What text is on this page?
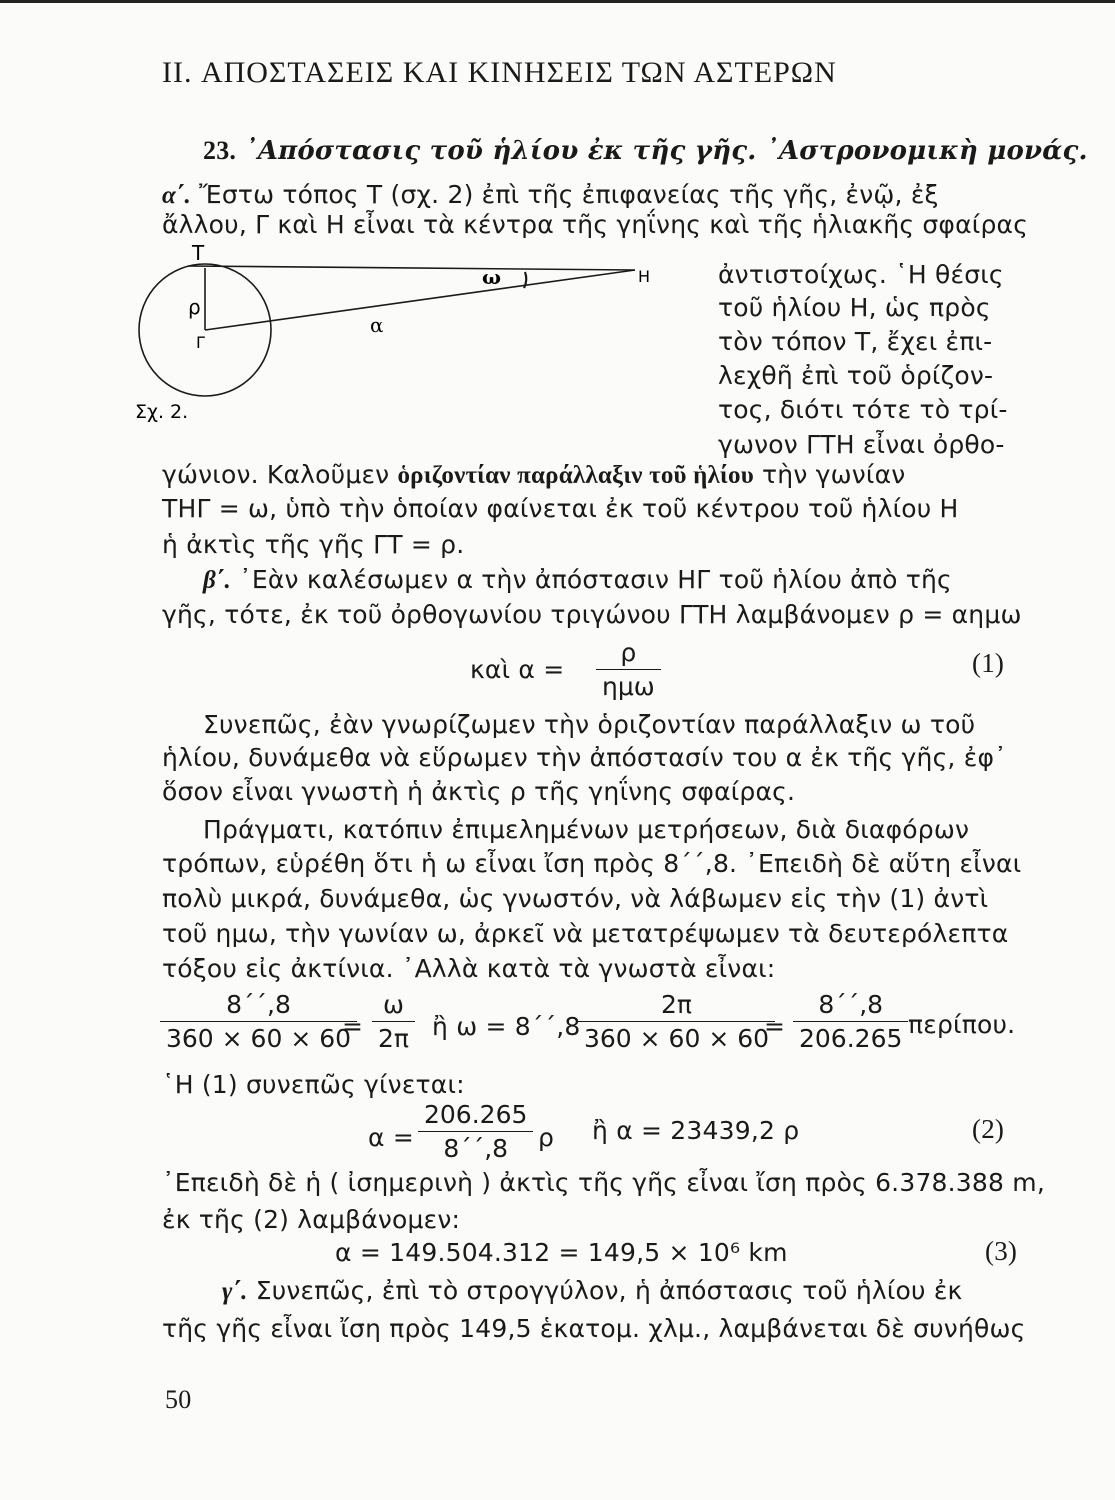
II. ΑΠΟΣΤΑΣΕΙΣ ΚΑΙ ΚΙΝΗΣΕΙΣ ΤΩΝ ΑΣΤΕΡΩΝ
23. ᾿Απόστασις τοῦ ἡλίου ἐκ τῆς γῆς. ᾿Αστρονομικὴ μονάς.
α΄. Ἔστω τόπος Τ (σχ. 2) ἐπὶ τῆς ἐπιφανείας τῆς γῆς, ἐνῷ, ἐξ
ἄλλου, Γ καὶ Η εἶναι τὰ κέντρα τῆς γηΐνης καὶ τῆς ἡλιακῆς σφαίρας
Τ
Η
ρ
Γ
α
ω
Σχ. 2.
ἀντιστοίχως. ῾Η θέσις
τοῦ ἡλίου Η, ὡς πρὸς
τὸν τόπον Τ, ἔχει ἐπι-
λεχθῆ ἐπὶ τοῦ ὁρίζον-
τος, διότι τότε τὸ τρί-
γωνον ΓΤΗ εἶναι ὀρθο-
γώνιον. Καλοῦμεν ὁριζοντίαν παράλλαξιν τοῦ ἡλίου τὴν γωνίαν
ΤΗΓ = ω, ὑπὸ τὴν ὁποίαν φαίνεται ἐκ τοῦ κέντρου τοῦ ἡλίου Η
ἡ ἀκτὶς τῆς γῆς ΓΤ = ρ.
β΄. ᾿Εὰν καλέσωμεν α τὴν ἀπόστασιν ΗΓ τοῦ ἡλίου ἀπὸ τῆς
γῆς, τότε, ἐκ τοῦ ὀρθογωνίου τριγώνου ΓΤΗ λαμβάνομεν ρ = αημω
καὶ α =
ρ
ημω
(1)
Συνεπῶς, ἐὰν γνωρίζωμεν τὴν ὁριζοντίαν παράλλαξιν ω τοῦ
ἡλίου, δυνάμεθα νὰ εὕρωμεν τὴν ἀπόστασίν του α ἐκ τῆς γῆς, ἐφ᾿
ὅσον εἶναι γνωστὴ ἡ ἀκτὶς ρ τῆς γηΐνης σφαίρας.
Πράγματι, κατόπιν ἐπιμελημένων μετρήσεων, διὰ διαφόρων
τρόπων, εὑρέθη ὅτι ἡ ω εἶναι ἴση πρὸς 8΄΄,8. ᾿Επειδὴ δὲ αὕτη εἶναι
πολὺ μικρά, δυνάμεθα, ὡς γνωστόν, νὰ λάβωμεν εἰς τὴν (1) ἀντὶ
τοῦ ημω, τὴν γωνίαν ω, ἀρκεῖ νὰ μετατρέψωμεν τὰ δευτερόλεπτα
τόξου εἰς ἀκτίνια. ᾿Αλλὰ κατὰ τὰ γνωστὰ εἶναι:
8΄΄,8
360 × 60 × 60
=
ω
2π ἢ ω = 8΄΄,8
2π
360 × 60 × 60
=
8΄΄,8
206.265 περίπου.
῾Η (1) συνεπῶς γίνεται:
α =
206.265
8΄΄,8	ρ ἢ α = 23439,2 ρ	(2)
᾿Επειδὴ δὲ ἡ ( ἰσημερινὴ ) ἀκτὶς τῆς γῆς εἶναι ἴση πρὸς 6.378.388 m,
ἐκ τῆς (2) λαμβάνομεν:
α = 149.504.312 = 149,5 × 10⁶ km	(3)
γ΄. Συνεπῶς, ἐπὶ τὸ στρογγύλον, ἡ ἀπόστασις τοῦ ἡλίου ἐκ
τῆς γῆς εἶναι ἴση πρὸς 149,5 ἑκατομ. χλμ., λαμβάνεται δὲ συνήθως
50
